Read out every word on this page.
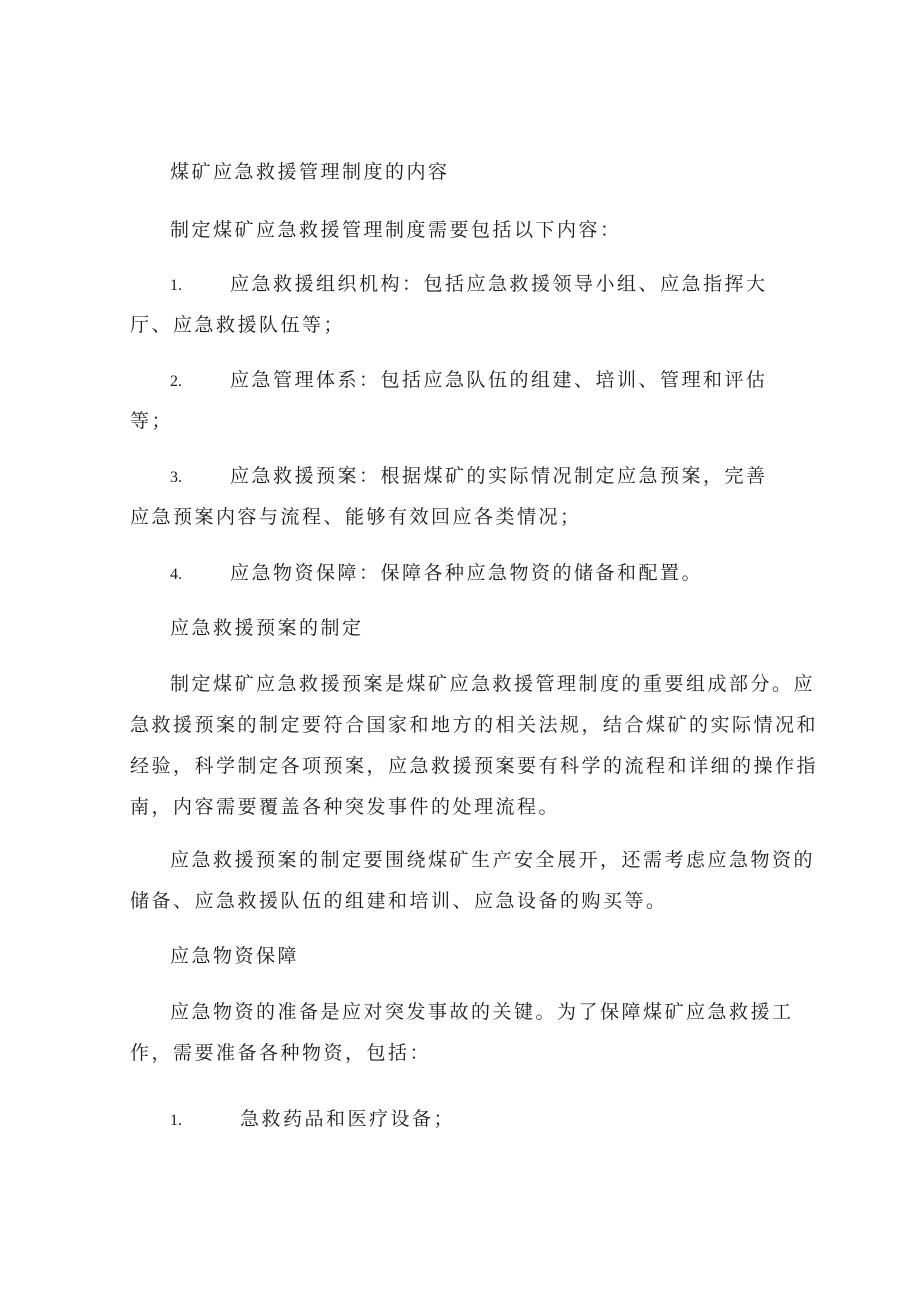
煤矿应急救援管理制度的内容
制定煤矿应急救援管理制度需要包括以下内容：
1.	应急救援组织机构：包括应急救援领导小组、应急指挥大
厅、应急救援队伍等；
2.	应急管理体系：包括应急队伍的组建、培训、管理和评估
等；
3.	应急救援预案：根据煤矿的实际情况制定应急预案，完善
应急预案内容与流程、能够有效回应各类情况；
4.	应急物资保障：保障各种应急物资的储备和配置。
应急救援预案的制定
制定煤矿应急救援预案是煤矿应急救援管理制度的重要组成部分。应
急救援预案的制定要符合国家和地方的相关法规，结合煤矿的实际情况和
经验，科学制定各项预案，应急救援预案要有科学的流程和详细的操作指
南，内容需要覆盖各种突发事件的处理流程。
应急救援预案的制定要围绕煤矿生产安全展开，还需考虑应急物资的
储备、应急救援队伍的组建和培训、应急设备的购买等。
应急物资保障
应急物资的准备是应对突发事故的关键。为了保障煤矿应急救援工
作，需要准备各种物资，包括：
1.	急救药品和医疗设备；
